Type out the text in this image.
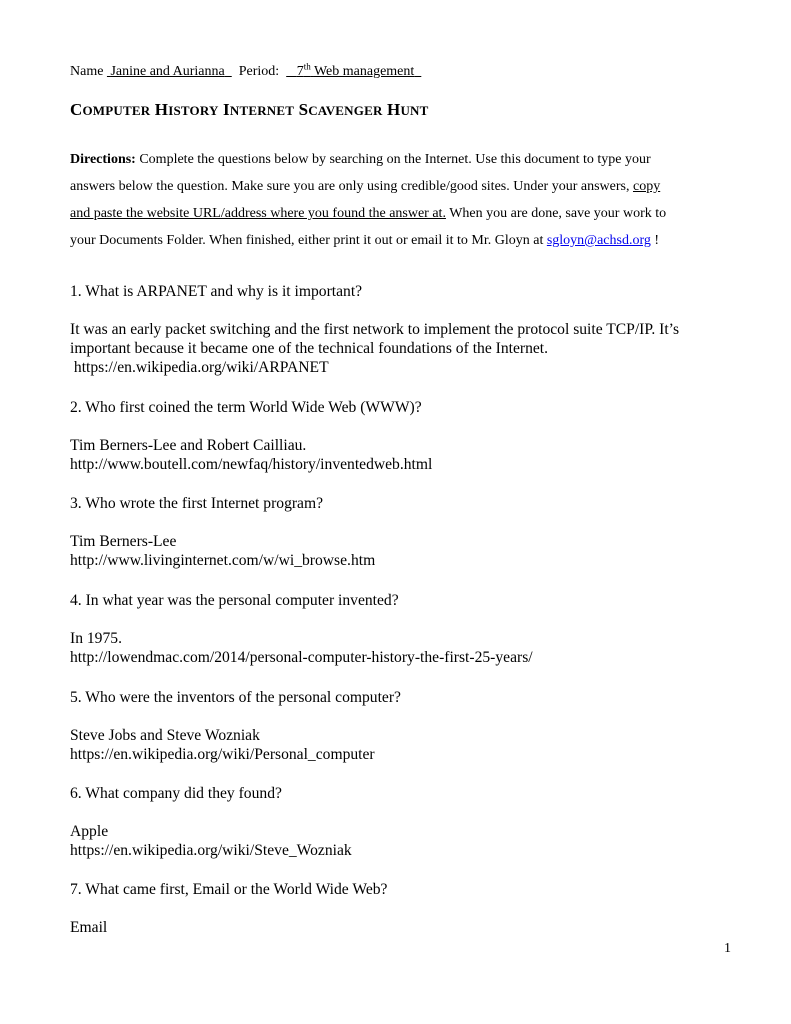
Name Janine and Aurianna Period: 7th Web management
COMPUTER HISTORY INTERNET SCAVENGER HUNT
Directions: Complete the questions below by searching on the Internet. Use this document to type your
answers below the question. Make sure you are only using credible/good sites. Under your answers, copy
and paste the website URL/address where you found the answer at. When you are done, save your work to
your Documents Folder. When finished, either print it out or email it to Mr. Gloyn at sgloyn@achsd.org !
1. What is ARPANET and why is it important?

It was an early packet switching and the first network to implement the protocol suite TCP/IP. It’s
important because it became one of the technical foundations of the Internet.
https://en.wikipedia.org/wiki/ARPANET
2. Who first coined the term World Wide Web (WWW)?

Tim Berners-Lee and Robert Cailliau.
http://www.boutell.com/newfaq/history/inventedweb.html
3. Who wrote the first Internet program?

Tim Berners-Lee
http://www.livinginternet.com/w/wi_browse.htm
4. In what year was the personal computer invented?

In 1975.
http://lowendmac.com/2014/personal-computer-history-the-first-25-years/
5. Who were the inventors of the personal computer?

Steve Jobs and Steve Wozniak
https://en.wikipedia.org/wiki/Personal_computer
6. What company did they found?

Apple
https://en.wikipedia.org/wiki/Steve_Wozniak
7. What came first, Email or the World Wide Web?

Email
1
